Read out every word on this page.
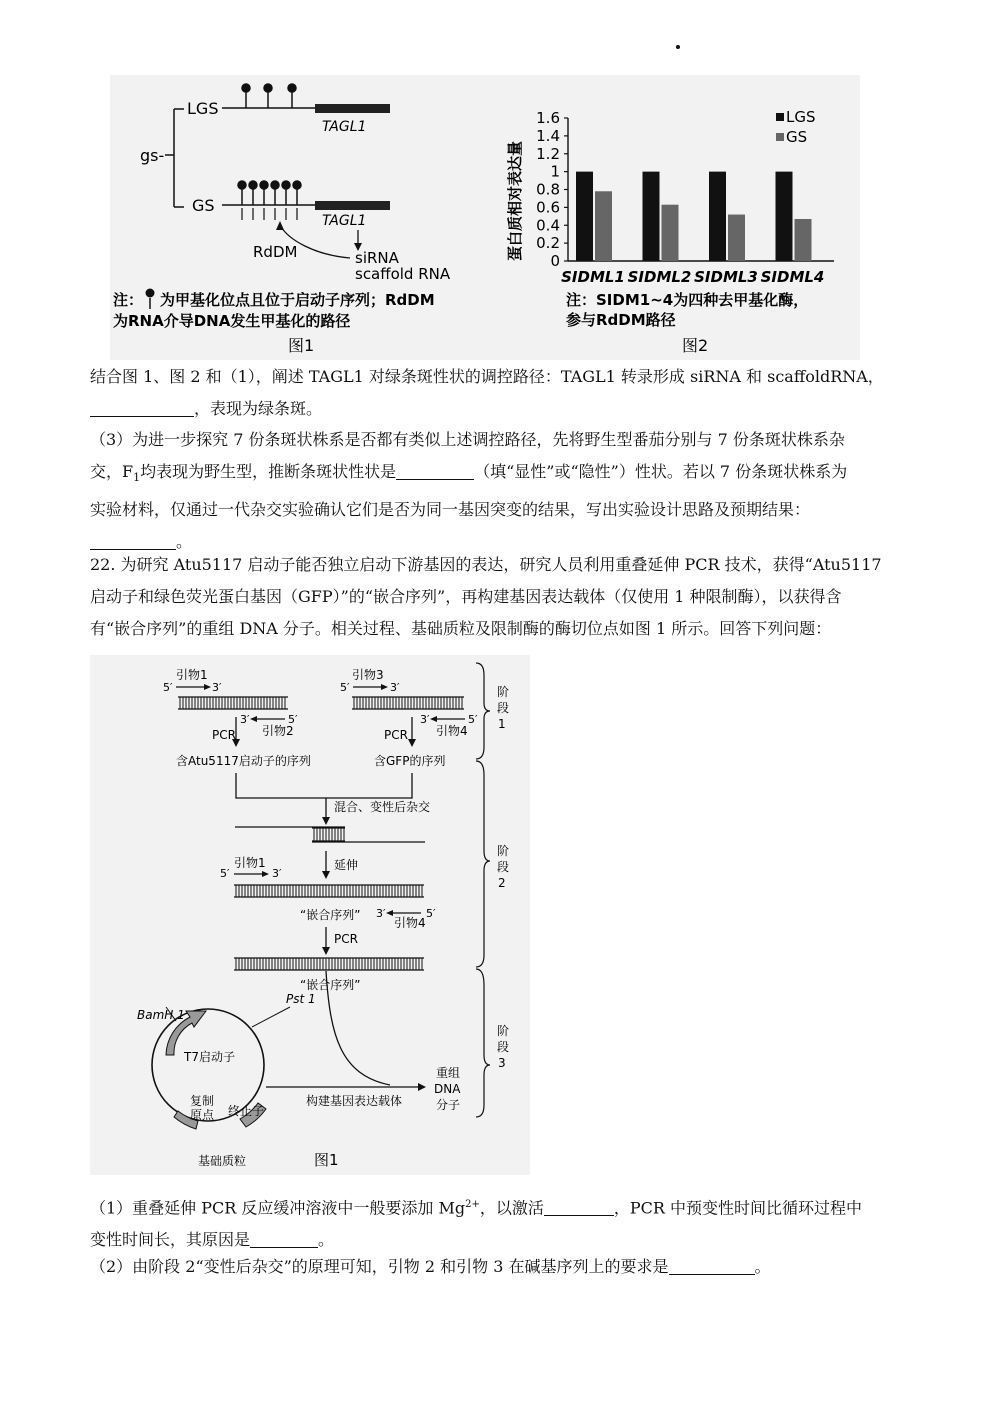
gs-
LGS
GS
TAGL1
TAGL1
RdDM	siRNA
scaffold RNA
注： 为甲基化位点且位于启动子序列；RdDM
为RNA介导DNA发生甲基化的路径
图1
蛋白质相对表达量 0
0.2
0.4
0.6
0.8
1
1.2
1.4
1.6
SIDML1 SIDML2 SIDML3 SIDML4
LGS
GS
注：SIDM1~4为四种去甲基化酶，
参与RdDM路径
图2
结合图 1、图 2 和（1），阐述 TAGL1 对绿条斑性状的调控路径：TAGL1 转录形成 siRNA 和 scaffoldRNA，
，表现为绿条斑。
（3）为进一步探究 7 份条斑状株系是否都有类似上述调控路径，先将野生型番茄分别与 7 份条斑状株系杂
交，$F_1$均表现为野生型，推断条斑状性状是	（填“显性”或“隐性”）性状。若以 7 份条斑状株系为
实验材料，仅通过一代杂交实验确认它们是否为同一基因突变的结果，写出实验设计思路及预期结果：
。
22. 为研究 Atu5117 启动子能否独立启动下游基因的表达，研究人员利用重叠延伸 PCR 技术，获得“Atu5117
启动子和绿色荧光蛋白基因（GFP）”的“嵌合序列”，再构建基因表达载体（仅使用 1 种限制酶），以获得含
有“嵌合序列”的重组 DNA 分子。相关过程、基础质粒及限制酶的酶切位点如图 1 所示。回答下列问题：
引物1
5′	3′
3′	5′
引物2
PCR
含Atu5117启动子的序列
引物3
5′	3′
3′	5′
引物4
PCR
含GFP的序列
混合、变性后杂交
延伸
引物1
5′	3′
“嵌合序列” 3′	5′
引物4
PCR
“嵌合序列”
阶
段
1
阶
段
2
阶
段
3
BamH 1
Pst 1
T7启动子
复制
原点 终止子
基础质粒	图1
构建基因表达载体
重组
DNA
分子
（1）重叠延伸 PCR 反应缓冲溶液中一般要添加 $Mg^{2+}$，以激活	，PCR 中预变性时间比循环过程中
变性时间长，其原因是	。
（2）由阶段 2“变性后杂交”的原理可知，引物 2 和引物 3 在碱基序列上的要求是	。
